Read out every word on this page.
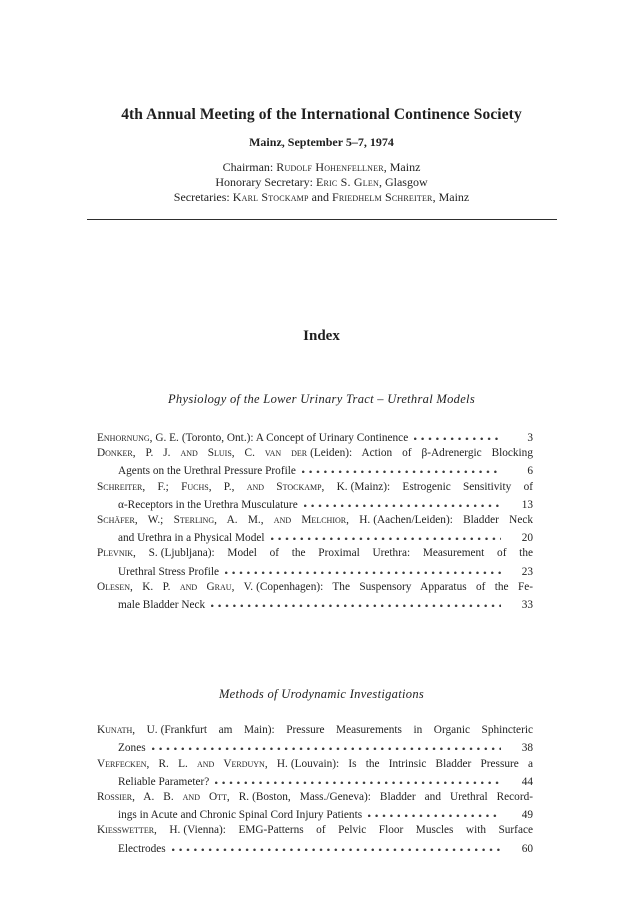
4th Annual Meeting of the International Continence Society
Mainz, September 5–7, 1974
Chairman: Rudolf Hohenfellner, Mainz
Honorary Secretary: Eric S. Glen, Glasgow
Secretaries: Karl Stockamp and Friedhelm Schreiter, Mainz
Index
Physiology of the Lower Urinary Tract – Urethral Models
Enhornung, G. E. (Toronto, Ont.): A Concept of Urinary Continence	3
Donker, P. J. and Sluis, C. van der (Leiden): Action of β-Adrenergic Blocking
Agents on the Urethral Pressure Profile	6
Schreiter, F.; Fuchs, P., and Stockamp, K. (Mainz): Estrogenic Sensitivity of
α-Receptors in the Urethra Musculature	13
Schäfer, W.; Sterling, A. M., and Melchior, H. (Aachen/Leiden): Bladder Neck
and Urethra in a Physical Model	20
Plevnik, S. (Ljubljana): Model of the Proximal Urethra: Measurement of the
Urethral Stress Profile	23
Olesen, K. P. and Grau, V. (Copenhagen): The Suspensory Apparatus of the Fe-
male Bladder Neck	33
Methods of Urodynamic Investigations
Kunath, U. (Frankfurt am Main): Pressure Measurements in Organic Sphincteric
Zones	38
Verfecken, R. L. and Verduyn, H. (Louvain): Is the Intrinsic Bladder Pressure a
Reliable Parameter?	44
Rossier, A. B. and Ott, R. (Boston, Mass./Geneva): Bladder and Urethral Record-
ings in Acute and Chronic Spinal Cord Injury Patients	49
Kiesswetter, H. (Vienna): EMG-Patterns of Pelvic Floor Muscles with Surface
Electrodes	60
